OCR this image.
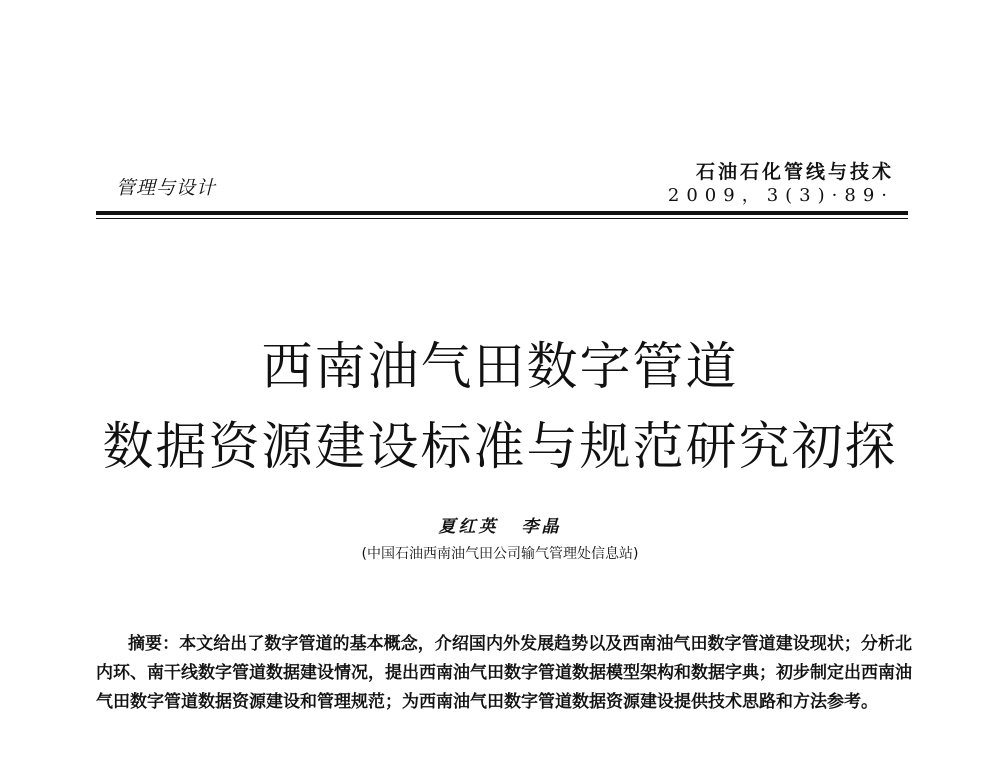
管理与设计
石油石化管线与技术
2009，3(3)·89·
西南油气田数字管道
数据资源建设标准与规范研究初探
夏红英 李晶
(中国石油西南油气田公司输气管理处信息站)

摘要：本文给出了数字管道的基本概念，介绍国内外发展趋势以及西南油气田数字管道建设现状；分析北内环、南干线数字管道数据建设情况，提出西南油气田数字管道数据模型架构和数据字典；初步制定出西南油气田数字管道数据资源建设和管理规范；为西南油气田数字管道数据资源建设提供技术思路和方法参考。
